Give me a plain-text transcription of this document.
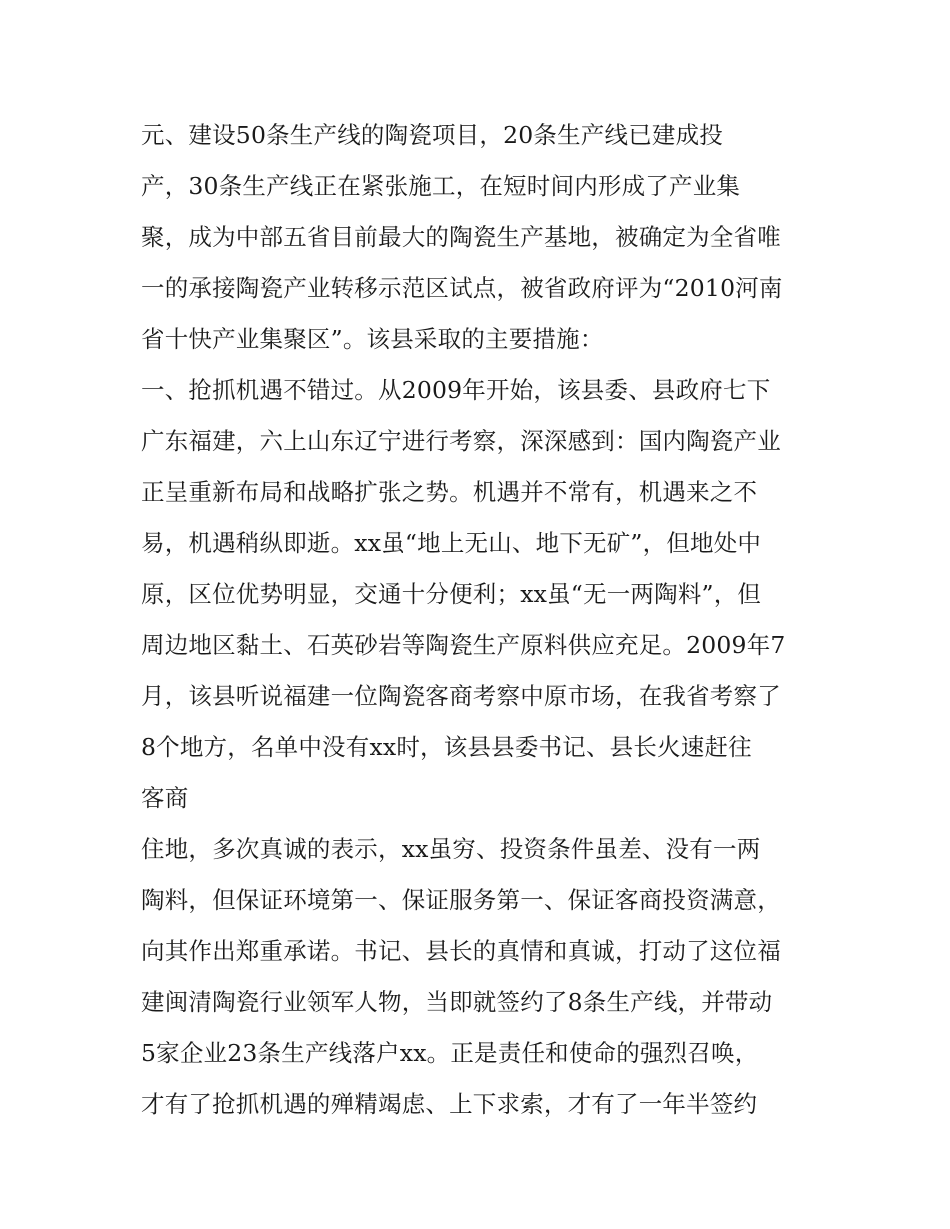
元、建设50条生产线的陶瓷项目，20条生产线已建成投
产，30条生产线正在紧张施工，在短时间内形成了产业集
聚，成为中部五省目前最大的陶瓷生产基地，被确定为全省唯
一的承接陶瓷产业转移示范区试点，被省政府评为“2010河南
省十快产业集聚区”。该县采取的主要措施：
一、抢抓机遇不错过。从2009年开始，该县委、县政府七下
广东福建，六上山东辽宁进行考察，深深感到：国内陶瓷产业
正呈重新布局和战略扩张之势。机遇并不常有，机遇来之不
易，机遇稍纵即逝。xx虽“地上无山、地下无矿”，但地处中
原，区位优势明显，交通十分便利；xx虽“无一两陶料”，但
周边地区黏土、石英砂岩等陶瓷生产原料供应充足。2009年7
月，该县听说福建一位陶瓷客商考察中原市场，在我省考察了
8个地方，名单中没有xx时，该县县委书记、县长火速赶往
客商
住地，多次真诚的表示，xx虽穷、投资条件虽差、没有一两
陶料，但保证环境第一、保证服务第一、保证客商投资满意，
向其作出郑重承诺。书记、县长的真情和真诚，打动了这位福
建闽清陶瓷行业领军人物，当即就签约了8条生产线，并带动
5家企业23条生产线落户xx。正是责任和使命的强烈召唤，
才有了抢抓机遇的殚精竭虑、上下求索，才有了一年半签约
